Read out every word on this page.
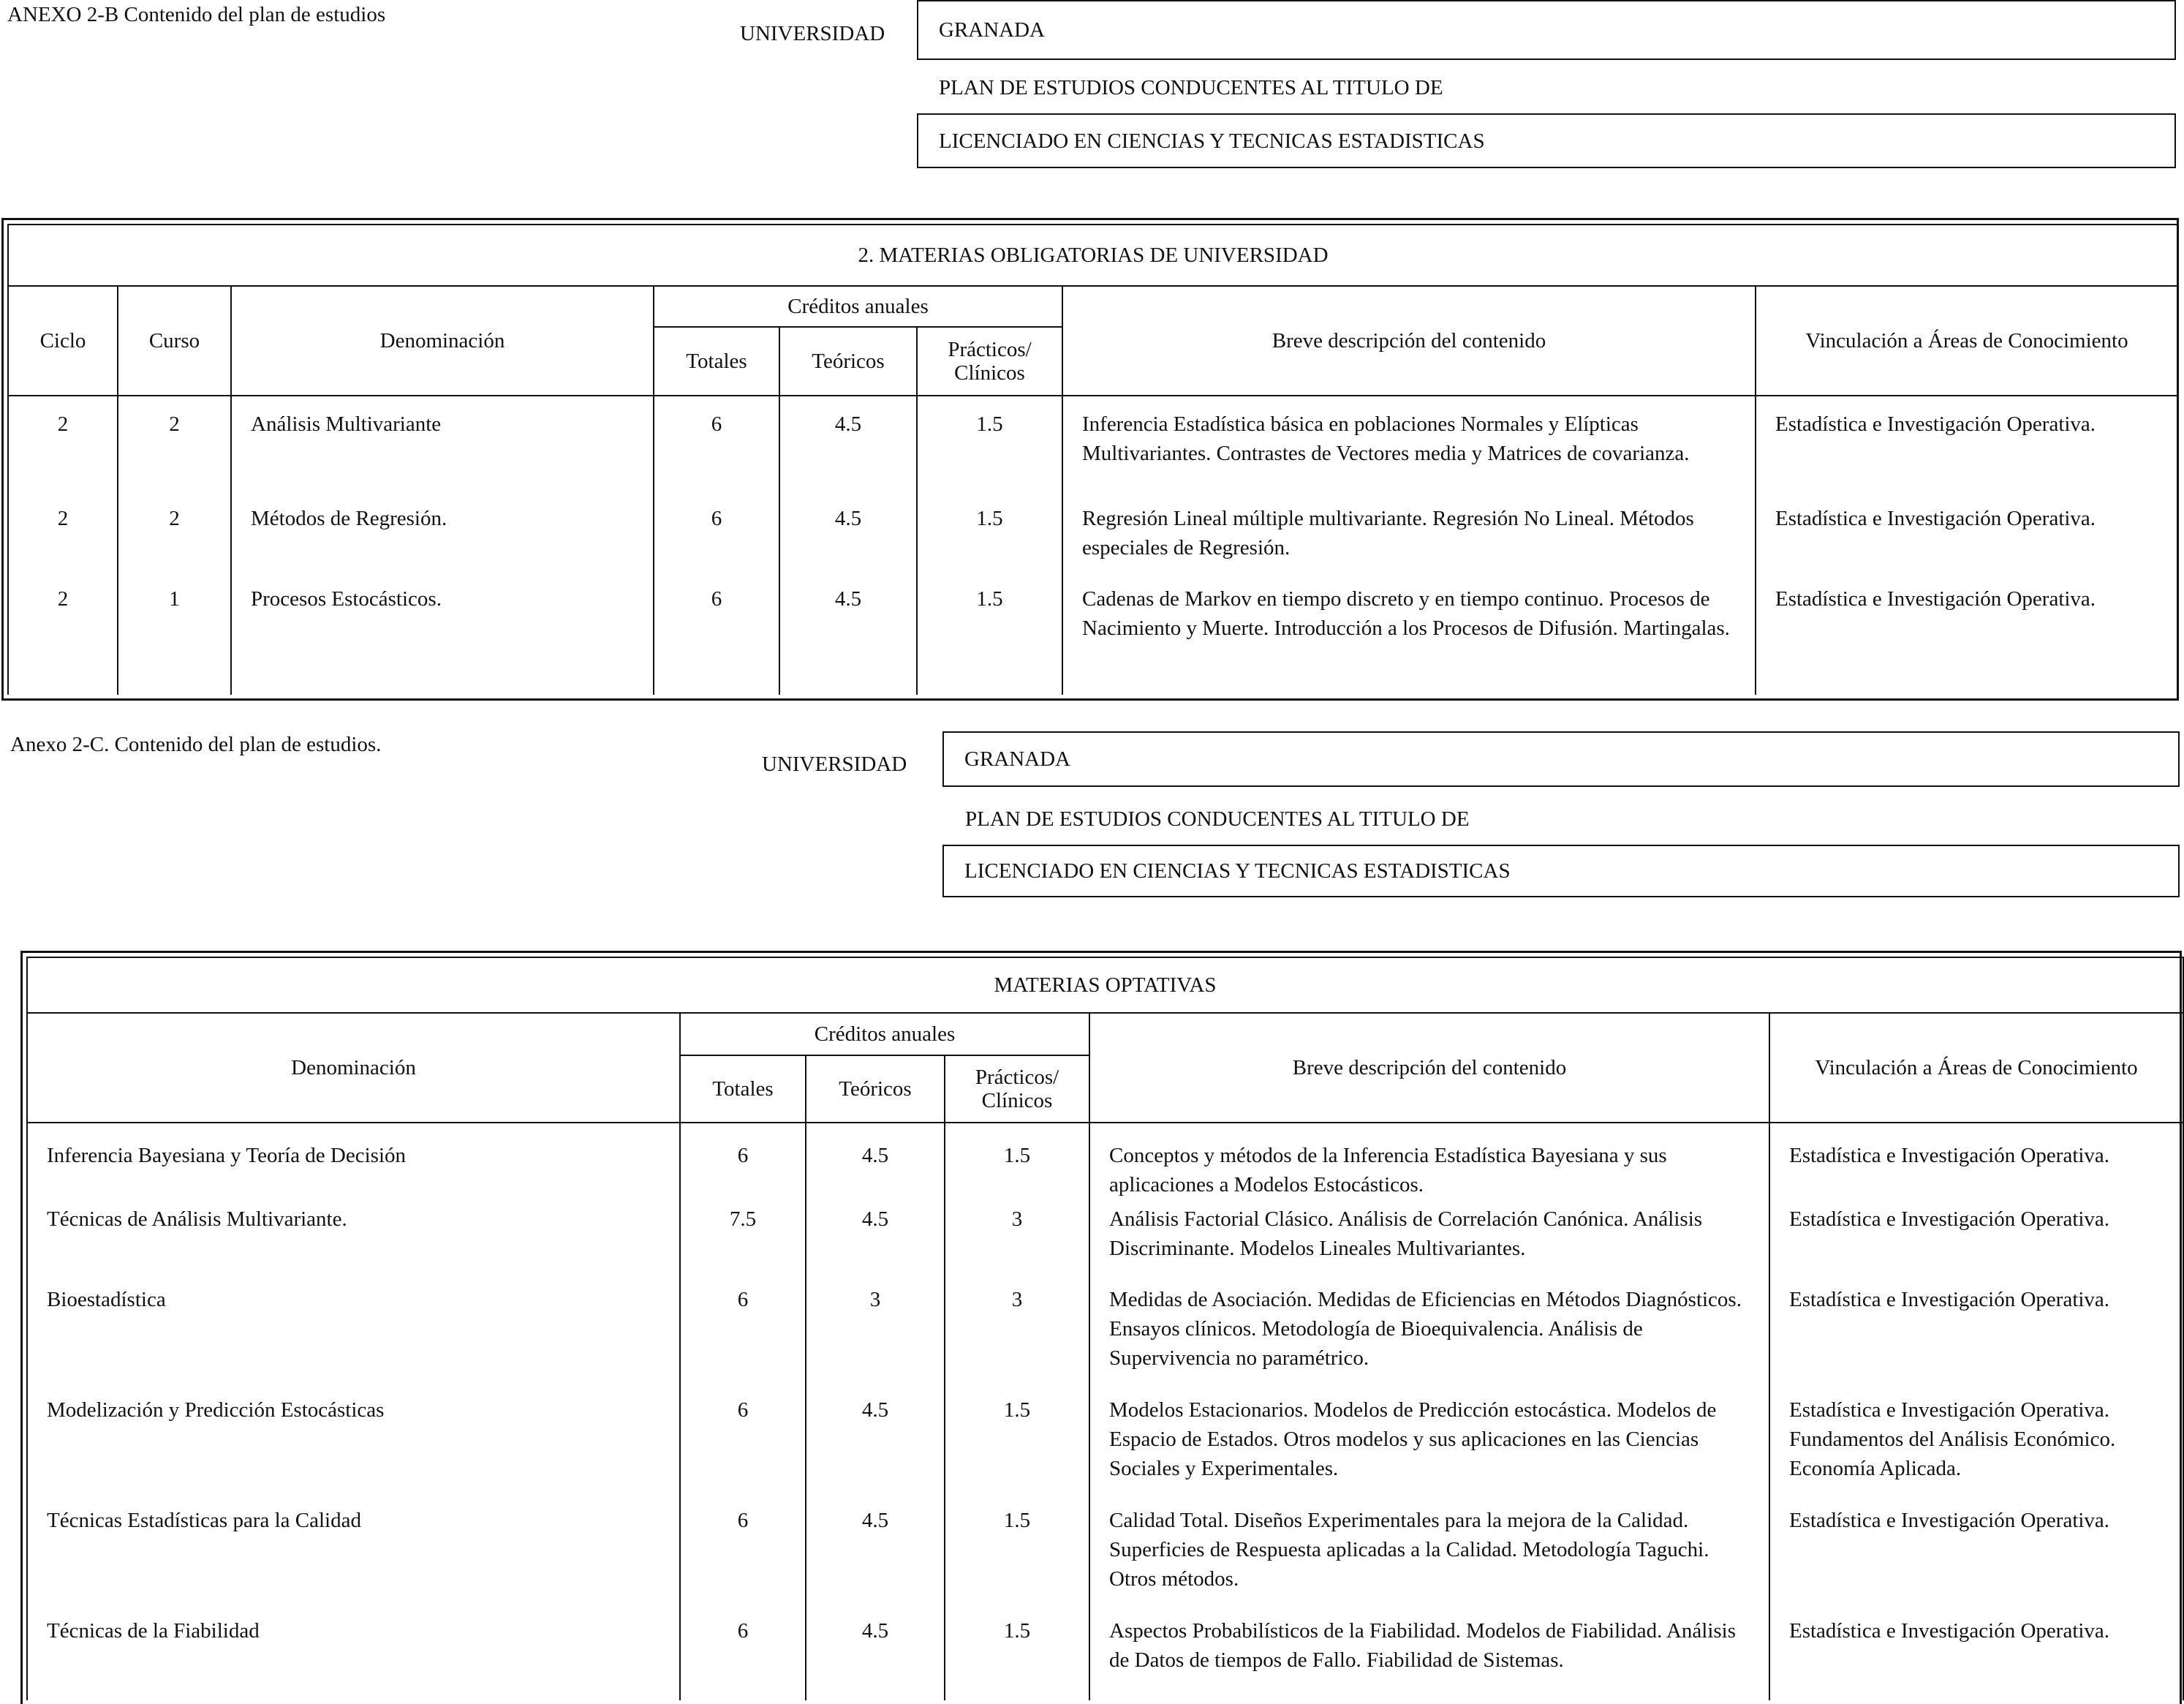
ANEXO 2-B Contenido del plan de estudios
UNIVERSIDAD	GRANADA
PLAN DE ESTUDIOS CONDUCENTES AL TITULO DE
LICENCIADO EN CIENCIAS Y TECNICAS ESTADISTICAS
2. MATERIAS OBLIGATORIAS DE UNIVERSIDAD							
Ciclo	Curso	Denominación	Créditos anuales			Breve descripción del contenido	Vinculación a Áreas de Conocimiento
			Totales	Teóricos	Prácticos/ Clínicos		
2	2	Análisis Multivariante	6	4.5	1.5	Inferencia Estadística básica en poblaciones Normales y Elípticas Multivariantes. Contrastes de Vectores media y Matrices de covarianza.	Estadística e Investigación Operativa.
2	2	Métodos de Regresión.	6	4.5	1.5	Regresión Lineal múltiple multivariante. Regresión No Lineal. Métodos especiales de Regresión.	Estadística e Investigación Operativa.
2	1	Procesos Estocásticos.	6	4.5	1.5	Cadenas de Markov en tiempo discreto y en tiempo continuo. Procesos de Nacimiento y Muerte. Introducción a los Procesos de Difusión. Martingalas.	Estadística e Investigación Operativa.
Anexo 2-C. Contenido del plan de estudios.
UNIVERSIDAD	GRANADA
PLAN DE ESTUDIOS CONDUCENTES AL TITULO DE
LICENCIADO EN CIENCIAS Y TECNICAS ESTADISTICAS
MATERIAS OPTATIVAS					
Denominación	Créditos anuales			Breve descripción del contenido	Vinculación a Áreas de Conocimiento
	Totales	Teóricos	Prácticos/ Clínicos		
Inferencia Bayesiana y Teoría de Decisión	6	4.5	1.5	Conceptos y métodos de la Inferencia Estadística Bayesiana y sus aplicaciones a Modelos Estocásticos.	Estadística e Investigación Operativa.
Técnicas de Análisis Multivariante.	7.5	4.5	3	Análisis Factorial Clásico. Análisis de Correlación Canónica. Análisis Discriminante. Modelos Lineales Multivariantes.	Estadística e Investigación Operativa.
Bioestadística	6	3	3	Medidas de Asociación. Medidas de Eficiencias en Métodos Diagnósticos. Ensayos clínicos. Metodología de Bioequivalencia. Análisis de Supervivencia no paramétrico.	Estadística e Investigación Operativa.
Modelización y Predicción Estocásticas	6	4.5	1.5	Modelos Estacionarios. Modelos de Predicción estocástica. Modelos de Espacio de Estados. Otros modelos y sus aplicaciones en las Ciencias Sociales y Experimentales.	Estadística e Investigación Operativa. Fundamentos del Análisis Económico. Economía Aplicada.
Técnicas Estadísticas para la Calidad	6	4.5	1.5	Calidad Total. Diseños Experimentales para la mejora de la Calidad. Superficies de Respuesta aplicadas a la Calidad. Metodología Taguchi. Otros métodos.	Estadística e Investigación Operativa.
Técnicas de la Fiabilidad	6	4.5	1.5	Aspectos Probabilísticos de la Fiabilidad. Modelos de Fiabilidad. Análisis de Datos de tiempos de Fallo. Fiabilidad de Sistemas.	Estadística e Investigación Operativa.
